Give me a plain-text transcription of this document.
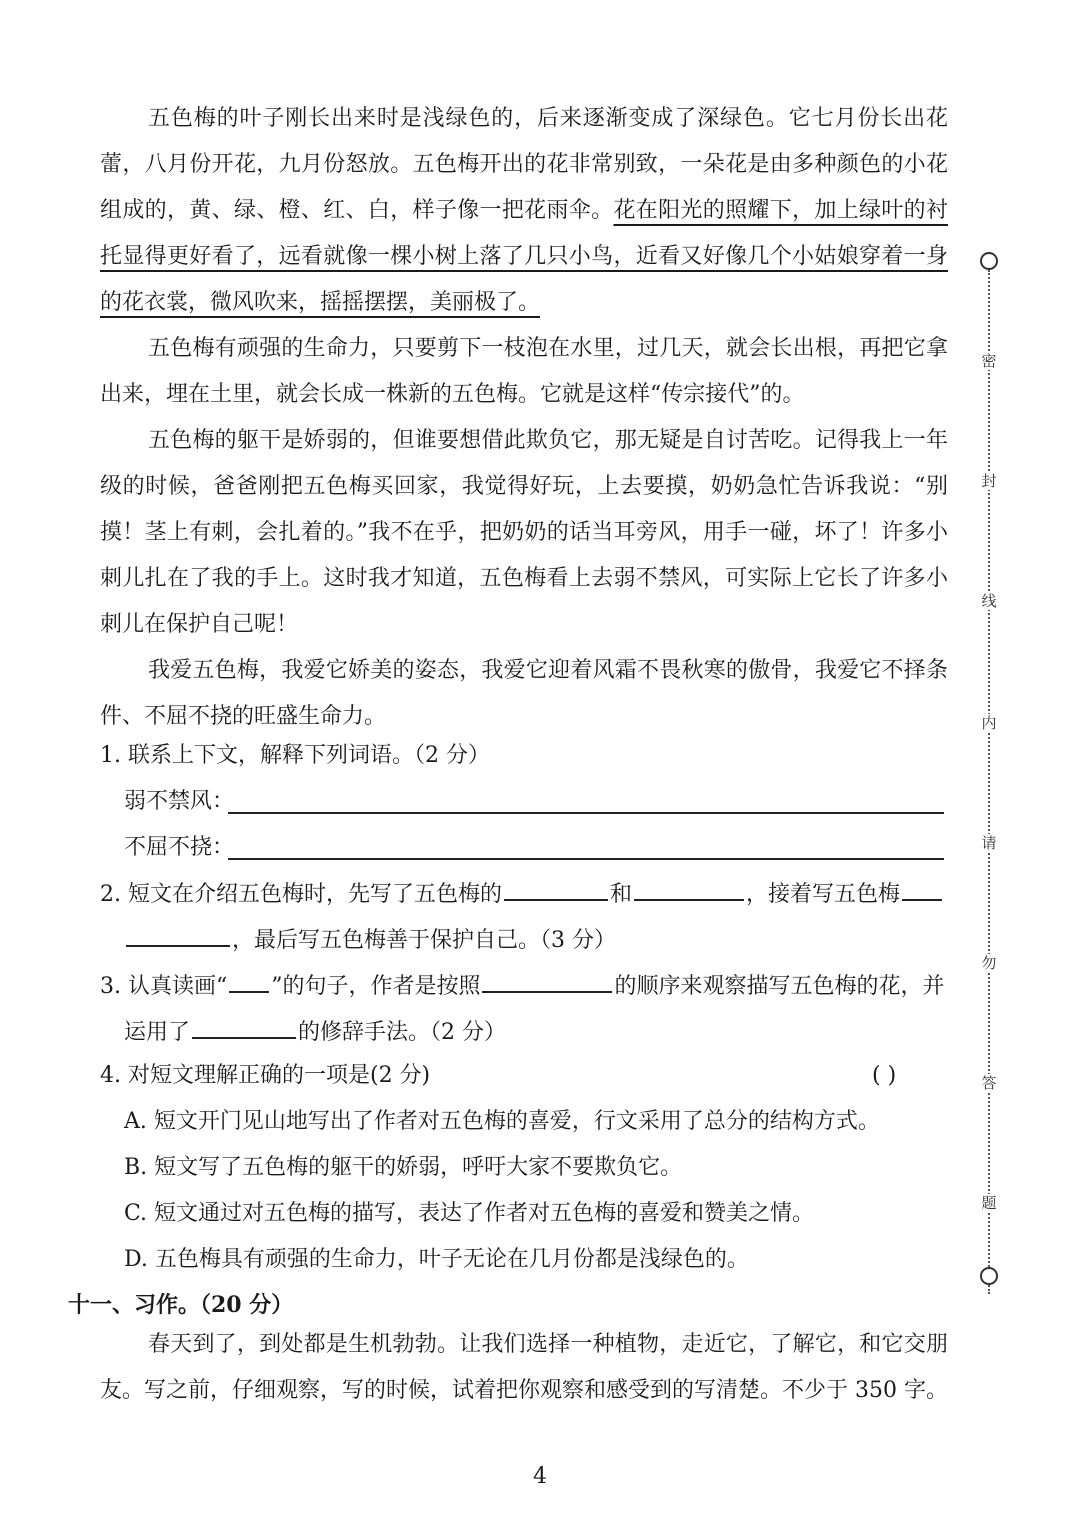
五色梅的叶子刚长出来时是浅绿色的，后来逐渐变成了深绿色。它七月份长出花蕾，八月份开花，九月份怒放。五色梅开出的花非常别致，一朵花是由多种颜色的小花组成的，黄、绿、橙、红、白，样子像一把花雨伞。花在阳光的照耀下，加上绿叶的衬托显得更好看了，远看就像一棵小树上落了几只小鸟，近看又好像几个小姑娘穿着一身的花衣裳，微风吹来，摇摇摆摆，美丽极了。

五色梅有顽强的生命力，只要剪下一枝泡在水里，过几天，就会长出根，再把它拿出来，埋在土里，就会长成一株新的五色梅。它就是这样“传宗接代”的。

五色梅的躯干是娇弱的，但谁要想借此欺负它，那无疑是自讨苦吃。记得我上一年级的时候，爸爸刚把五色梅买回家，我觉得好玩，上去要摸，奶奶急忙告诉我说：“别摸！茎上有刺，会扎着的。”我不在乎，把奶奶的话当耳旁风，用手一碰，坏了！许多小刺儿扎在了我的手上。这时我才知道，五色梅看上去弱不禁风，可实际上它长了许多小刺儿在保护自己呢！

我爱五色梅，我爱它娇美的姿态，我爱它迎着风霜不畏秋寒的傲骨，我爱它不择条件、不屈不挠的旺盛生命力。

1. 联系上下文，解释下列词语。（2 分）
弱不禁风：
不屈不挠：
2. 短文在介绍五色梅时，先写了五色梅的	和	，接着写五色梅
，最后写五色梅善于保护自己。（3 分）
3. 认真读画“ ”的句子，作者是按照	的顺序来观察描写五色梅的花，并
运用了	的修辞手法。（2 分）
4. 对短文理解正确的一项是(2 分)	( )
A. 短文开门见山地写出了作者对五色梅的喜爱，行文采用了总分的结构方式。
B. 短文写了五色梅的躯干的娇弱，呼吁大家不要欺负它。
C. 短文通过对五色梅的描写，表达了作者对五色梅的喜爱和赞美之情。
D. 五色梅具有顽强的生命力，叶子无论在几月份都是浅绿色的。
十一、习作。（20 分）

春天到了，到处都是生机勃勃。让我们选择一种植物，走近它，了解它，和它交朋友。写之前，仔细观察，写的时候，试着把你观察和感受到的写清楚。不少于 350 字。

密
封
线
内
请
勿
答
题
4
